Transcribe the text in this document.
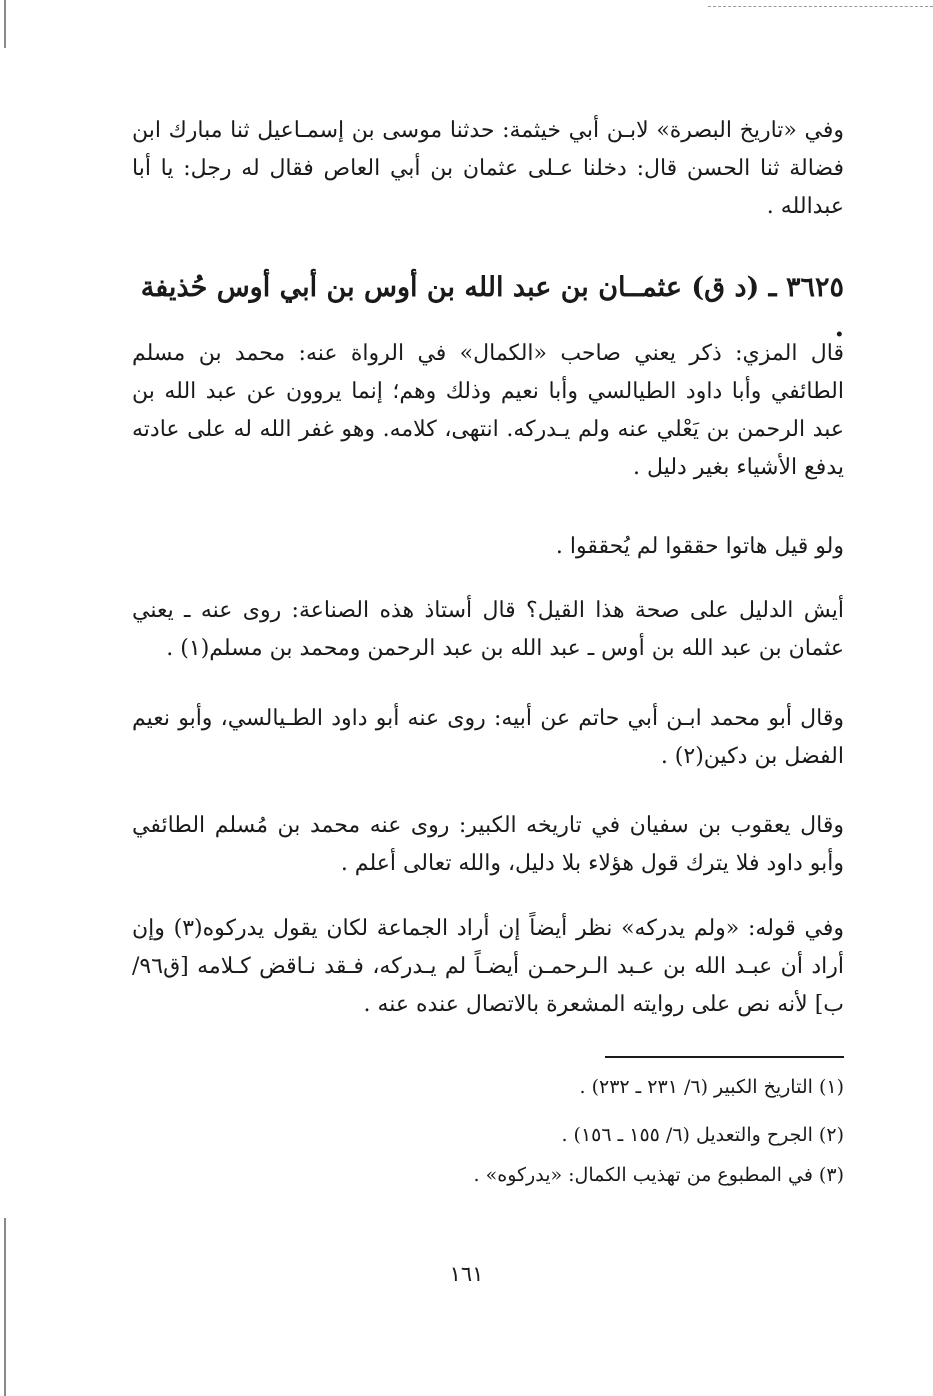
وفي «تاريخ البصرة» لابـن أبي خيثمة: حدثنا موسى بن إسمـاعيل ثنا مبارك ابن فضالة ثنا الحسن قال: دخلنا عـلى عثمان بن أبي العاص فقال له رجل: يا أبا عبدالله .

٣٦٢٥ ـ (د ق) عثمــان بن عبد الله بن أوس بن أبي أوس حُذيفة .

قال المزي: ذكر يعني صاحب «الكمال» في الرواة عنه: محمد بن مسلم الطائفي وأبا داود الطيالسي وأبا نعيم وذلك وهم؛ إنما يروون عن عبد الله بن عبد الرحمن بن يَعْلي عنه ولم يـدركه. انتهى، كلامه. وهو غفر الله له على عادته يدفع الأشياء بغير دليل .

ولو قيل هاتوا حققوا لم يُحققوا .

أيش الدليل على صحة هذا القيل؟ قال أستاذ هذه الصناعة: روى عنه ـ يعني عثمان بن عبد الله بن أوس ـ عبد الله بن عبد الرحمن ومحمد بن مسلم(١) .

وقال أبو محمد ابـن أبي حاتم عن أبيه: روى عنه أبو داود الطـيالسي، وأبو نعيم الفضل بن دكين(٢) .

وقال يعقوب بن سفيان في تاريخه الكبير: روى عنه محمد بن مُسلم الطائفي وأبو داود فلا يترك قول هؤلاء بلا دليل، والله تعالى أعلم .

وفي قوله: «ولم يدركه» نظر أيضاً إن أراد الجماعة لكان يقول يدركوه(٣) وإن أراد أن عبـد الله بن عـبد الـرحمـن أيضـاً لم يـدركه، فـقد نـاقض كـلامه [ق٩٦/ب] لأنه نص على روايته المشعرة بالاتصال عنده عنه .

(١) التاريخ الكبير (٦/ ٢٣١ ـ ٢٣٢) .

(٢) الجرح والتعديل (٦/ ١٥٥ ـ ١٥٦) .

(٣) في المطبوع من تهذيب الكمال: «يدركوه» .

١٦١
